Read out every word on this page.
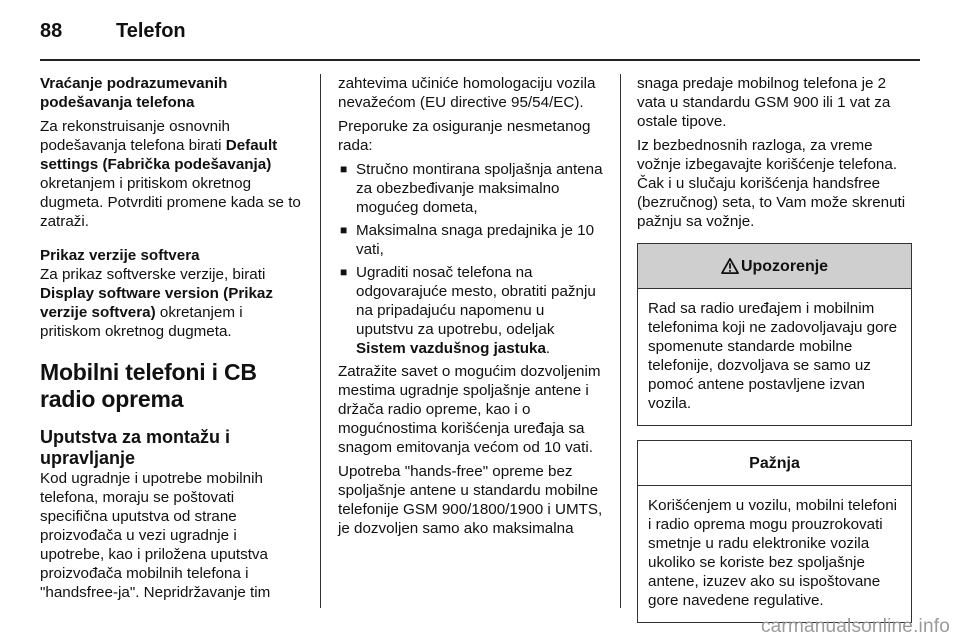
88	Telefon

Vraćanje podrazumevanih
podešavanja telefona

Za rekonstruisanje osnovnih podešavanja telefona birati Default settings (Fabrička podešavanja) okretanjem i pritiskom okretnog dugmeta. Potvrditi promene kada se to zatraži.

Prikaz verzije softvera

Za prikaz softverske verzije, birati Display software version (Prikaz verzije softvera) okretanjem i pritiskom okretnog dugmeta.

Mobilni telefoni i CB radio oprema
Uputstva za montažu i upravljanje

Kod ugradnje i upotrebe mobilnih telefona, moraju se poštovati specifična uputstva od strane proizvođača u vezi ugradnje i upotrebe, kao i priložena uputstva proizvođača mobilnih telefona i "handsfree-ja". Nepridržavanje tim

zahtevima učiniće homologaciju vozila nevažećom (EU directive 95/54/EC).

Preporuke za osiguranje nesmetanog rada:

■ Stručno montirana spoljašnja antena za obezbeđivanje maksimalno mogućeg dometa,
■ Maksimalna snaga predajnika je 10 vati,
■ Ugraditi nosač telefona na odgovarajuće mesto, obratiti pažnju na pripadajuću napomenu u uputstvu za upotrebu, odeljak Sistem vazdušnog jastuka.

Zatražite savet o mogućim dozvoljenim mestima ugradnje spoljašnje antene i držača radio opreme, kao i o mogućnostima korišćenja uređaja sa snagom emitovanja većom od 10 vati.

Upotreba "hands-free" opreme bez spoljašnje antene u standardu mobilne telefonije GSM 900/1800/1900 i UMTS, je dozvoljen samo ako maksimalna

snaga predaje mobilnog telefona je 2 vata u standardu GSM 900 ili 1 vat za ostale tipove.

Iz bezbednosnih razloga, za vreme vožnje izbegavajte korišćenje telefona. Čak i u slučaju korišćenja handsfree (bezručnog) seta, to Vam može skrenuti pažnju sa vožnje.

Upozorenje
Rad sa radio uređajem i mobilnim telefonima koji ne zadovoljavaju gore spomenute standarde mobilne telefonije, dozvoljava se samo uz pomoć antene postavljene izvan vozila.
Pažnja
Korišćenjem u vozilu, mobilni telefoni i radio oprema mogu prouzrokovati smetnje u radu elektronike vozila ukoliko se koriste bez spoljašnje antene, izuzev ako su ispoštovane gore navedene regulative.
carmanualsonline.info
